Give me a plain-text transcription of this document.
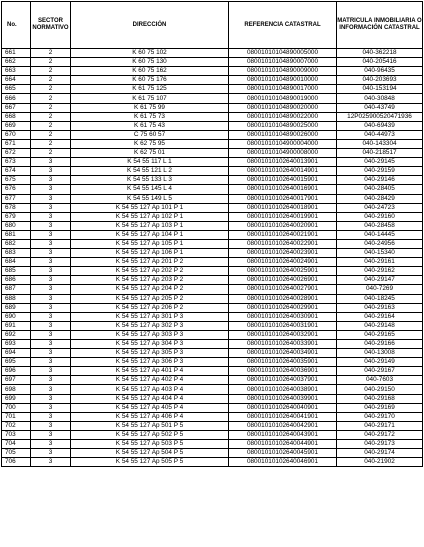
No.	SECTOR NORMATIVO	DIRECCIÓN	REFERENCIA CATASTRAL	MATRICULA INMOBILIARIA O INFORMACIÓN CATASTRAL
661	2	K 60 75 102	08001010104890005000	040-362218
662	2	K 60 75 130	08001010104890007000	040-205416
663	2	K 60 75 162	08001010104890009000	040-96435
664	2	K 60 75 176	08001010104890010000	040-203693
665	2	K 61 75 125	08001010104890017000	040-153194
666	2	K 61 75 107	08001010104890019000	040-30848
667	2	K 61 75 99	08001010104890020000	040-43749
668	2	K 61 75 73	08001010104890022000	12P025900520471936
669	2	K 61 75 43	08001010104890025000	040-69439
670	2	C 75 60 57	08001010104890026000	040-44973
671	2	K 62 75 95	08001010104900004000	040-143304
672	2	K 62 75 01	08001010104900008000	040-218517
673	3	K 54 55 117 L 1	08001010102640013901	040-29145
674	3	K 54 55 121 L 2	08001010102640014901	040-29159
675	3	K 54 55 133 L 3	08001010102640015901	040-29146
676	3	K 54 55 145 L 4	08001010102640016901	040-28405
677	3	K 54 55 149 L 5	08001010102640017901	040-28429
678	3	K 54 55 127 Ap 101 P 1	08001010102640018901	040-24723
679	3	K 54 55 127 Ap 102 P 1	08001010102640019901	040-29160
680	3	K 54 55 127 Ap 103 P 1	08001010102640020901	040-28458
681	3	K 54 55 127 Ap 104 P 1	08001010102640021901	040-14445
682	3	K 54 55 127 Ap 105 P 1	08001010102640022901	040-24956
683	3	K 54 55 127 Ap 106 P 1	08001010102640023901	040-15340
684	3	K 54 55 127 Ap 201 P 2	08001010102640024901	040-29161
685	3	K 54 55 127 Ap 202 P 2	08001010102640025901	040-29162
686	3	K 54 55 127 Ap 203 P 2	08001010102640026901	040-29147
687	3	K 54 55 127 Ap 204 P 2	08001010102640027901	040-7269
688	3	K 54 55 127 Ap 205 P 2	08001010102640028901	040-18245
689	3	K 54 55 127 Ap 206 P 2	08001010102640029901	040-29163
690	3	K 54 55 127 Ap 301 P 3	08001010102640030901	040-29164
691	3	K 54 55 127 Ap 302 P 3	08001010102640031901	040-29148
692	3	K 54 55 127 Ap 303 P 3	08001010102640032901	040-29165
693	3	K 54 55 127 Ap 304 P 3	08001010102640033901	040-29166
694	3	K 54 55 127 Ap 305 P 3	08001010102640034901	040-13008
695	3	K 54 55 127 Ap 306 P 3	08001010102640035901	040-29149
696	3	K 54 55 127 Ap 401 P 4	08001010102640036901	040-29167
697	3	K 54 55 127 Ap 402 P 4	08001010102640037901	040-7603
698	3	K 54 55 127 Ap 403 P 4	08001010102640038901	040-29150
699	3	K 54 55 127 Ap 404 P 4	08001010102640039901	040-29168
700	3	K 54 55 127 Ap 405 P 4	08001010102640040901	040-29169
701	3	K 54 55 127 Ap 406 P 4	08001010102640041901	040-29170
702	3	K 54 55 127 Ap 501 P 5	08001010102640042901	040-29171
703	3	K 54 55 127 Ap 502 P 5	08001010102640043901	040-29172
704	3	K 54 55 127 Ap 503 P 5	08001010102640044901	040-29173
705	3	K 54 55 127 Ap 504 P 5	08001010102640045901	040-29174
706	3	K 54 55 127 Ap 505 P 5	08001010102640046901	040-21902
